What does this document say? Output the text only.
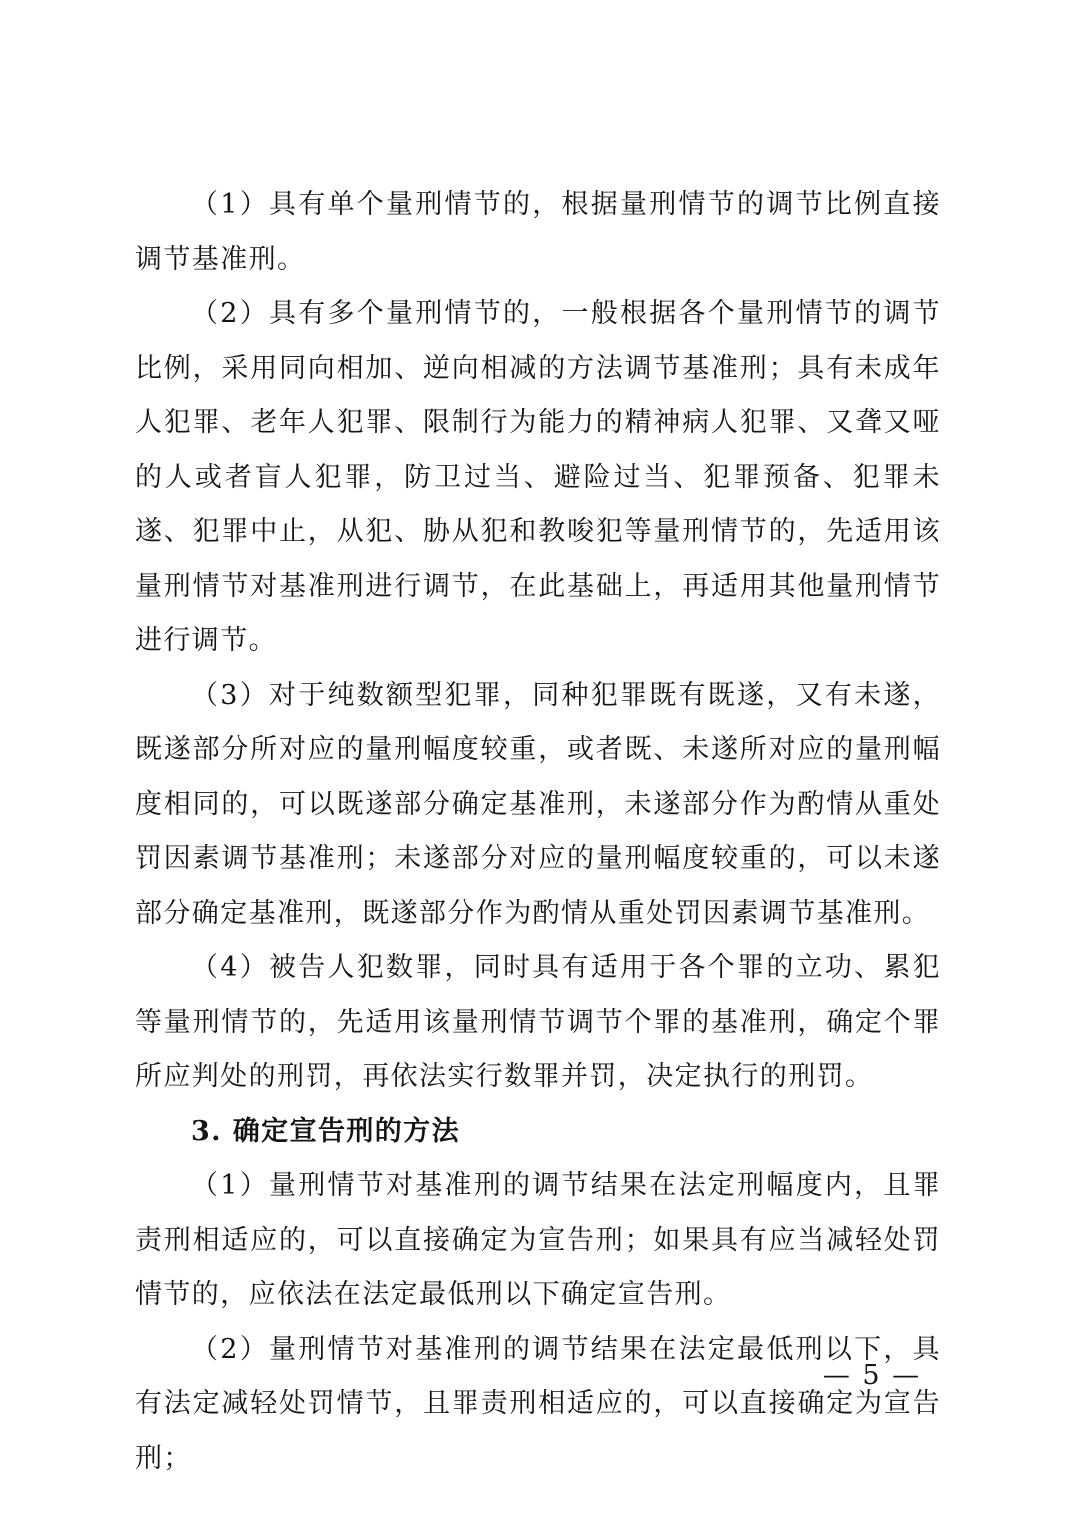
（1）具有单个量刑情节的，根据量刑情节的调节比例直接调节基准刑。

（2）具有多个量刑情节的，一般根据各个量刑情节的调节比例，采用同向相加、逆向相减的方法调节基准刑；具有未成年人犯罪、老年人犯罪、限制行为能力的精神病人犯罪、又聋又哑的人或者盲人犯罪，防卫过当、避险过当、犯罪预备、犯罪未遂、犯罪中止，从犯、胁从犯和教唆犯等量刑情节的，先适用该量刑情节对基准刑进行调节，在此基础上，再适用其他量刑情节进行调节。

（3）对于纯数额型犯罪，同种犯罪既有既遂，又有未遂，既遂部分所对应的量刑幅度较重，或者既、未遂所对应的量刑幅度相同的，可以既遂部分确定基准刑，未遂部分作为酌情从重处罚因素调节基准刑；未遂部分对应的量刑幅度较重的，可以未遂部分确定基准刑，既遂部分作为酌情从重处罚因素调节基准刑。

（4）被告人犯数罪，同时具有适用于各个罪的立功、累犯等量刑情节的，先适用该量刑情节调节个罪的基准刑，确定个罪所应判处的刑罚，再依法实行数罪并罚，决定执行的刑罚。

3. 确定宣告刑的方法

（1）量刑情节对基准刑的调节结果在法定刑幅度内，且罪责刑相适应的，可以直接确定为宣告刑；如果具有应当减轻处罚情节的，应依法在法定最低刑以下确定宣告刑。

（2）量刑情节对基准刑的调节结果在法定最低刑以下，具有法定减轻处罚情节，且罪责刑相适应的，可以直接确定为宣告刑；

— 5 —
